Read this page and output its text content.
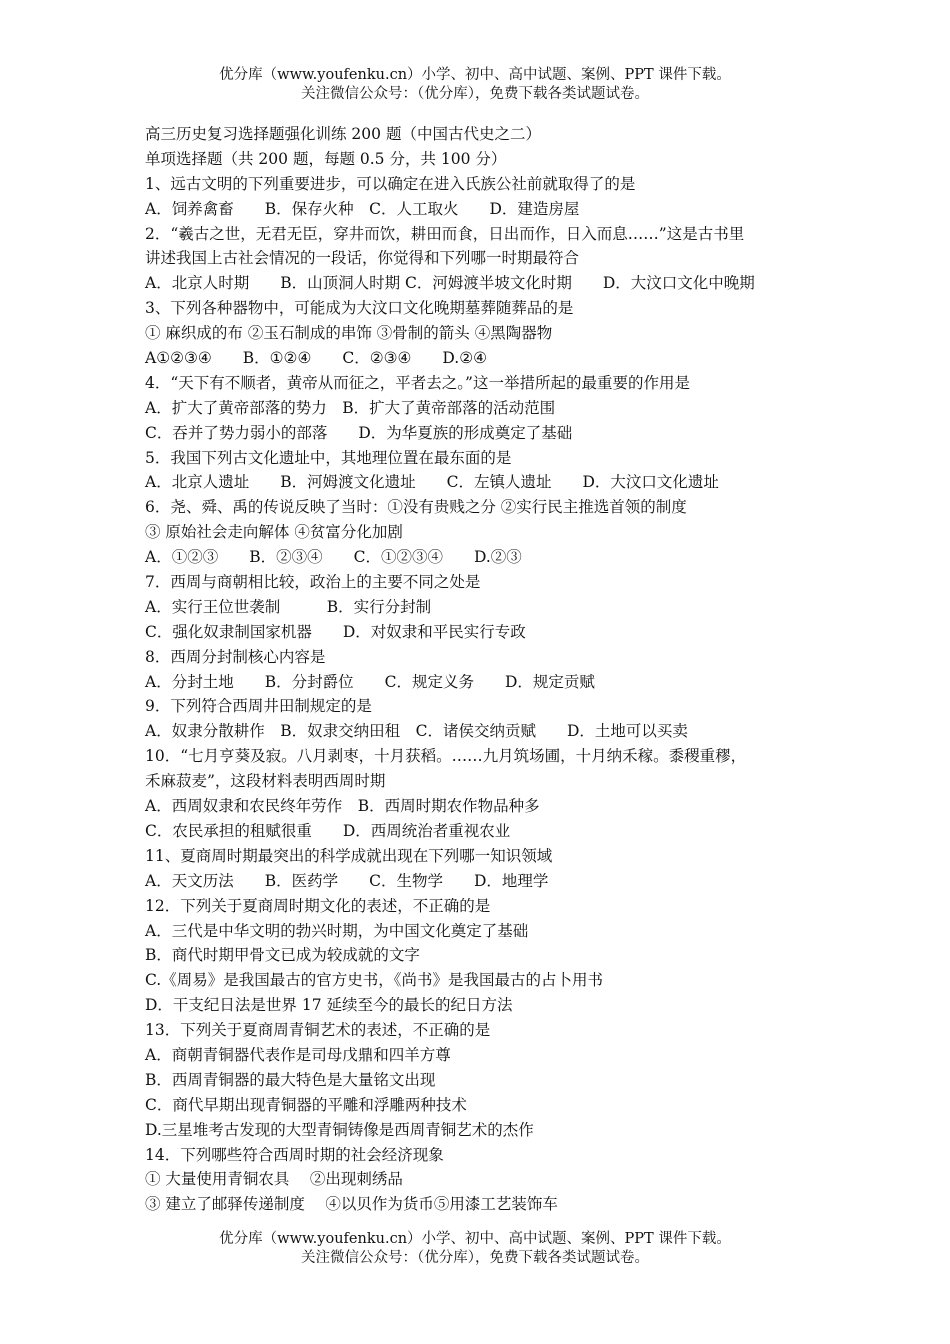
优分库（www.youfenku.cn）小学、初中、高中试题、案例、PPT 课件下载。
关注微信公众号：（优分库），免费下载各类试题试卷。
高三历史复习选择题强化训练 200 题（中国古代史之二）
单项选择题（共 200 题，每题 0.5 分，共 100 分）
1、远古文明的下列重要进步，可以确定在进入氏族公社前就取得了的是
A．饲养禽畜　　B．保存火种　C．人工取火　　D．建造房屋
2．“羲古之世，无君无臣，穿井而饮，耕田而食，日出而作，日入而息……”这是古书里
讲述我国上古社会情况的一段话，你觉得和下列哪一时期最符合
A．北京人时期　　B．山顶洞人时期 C．河姆渡半坡文化时期　　D．大汶口文化中晚期
3、下列各种器物中，可能成为大汶口文化晚期墓葬随葬品的是
① 麻织成的布 ②玉石制成的串饰 ③骨制的箭头 ④黑陶器物
A①②③④　　B．①②④　　C．②③④　　D.②④
4．“天下有不顺者，黄帝从而征之，平者去之。”这一举措所起的最重要的作用是
A．扩大了黄帝部落的势力　B．扩大了黄帝部落的活动范围
C．吞并了势力弱小的部落　　D．为华夏族的形成奠定了基础
5．我国下列古文化遗址中，其地理位置在最东面的是
A．北京人遗址　　B．河姆渡文化遗址　　C．左镇人遗址　　D．大汶口文化遗址
6．尧、舜、禹的传说反映了当时：①没有贵贱之分 ②实行民主推选首领的制度
③ 原始社会走向解体 ④贫富分化加剧
A．①②③　　B．②③④　　C．①②③④　　D.②③
7．西周与商朝相比较，政治上的主要不同之处是
A．实行王位世袭制　　　B．实行分封制
C．强化奴隶制国家机器　　D．对奴隶和平民实行专政
8．西周分封制核心内容是
A．分封土地　　B．分封爵位　　C．规定义务　　D．规定贡赋
9．下列符合西周井田制规定的是
A．奴隶分散耕作　B．奴隶交纳田租　C．诸侯交纳贡赋　　D．土地可以买卖
10．“七月亨葵及寂。八月剥枣，十月获稻。……九月筑场圃，十月纳禾稼。黍稷重穋，
禾麻菽麦”，这段材料表明西周时期
A．西周奴隶和农民终年劳作　B．西周时期农作物品种多
C．农民承担的租赋很重　　D．西周统治者重视农业
11、夏商周时期最突出的科学成就出现在下列哪一知识领域
A．天文历法　　B．医药学　　C．生物学　　D．地理学
12．下列关于夏商周时期文化的表述，不正确的是
A．三代是中华文明的勃兴时期，为中国文化奠定了基础
B．商代时期甲骨文已成为较成就的文字
C.《周易》是我国最古的官方史书，《尚书》是我国最古的占卜用书
D．干支纪日法是世界 17 延续至今的最长的纪日方法
13．下列关于夏商周青铜艺术的表述，不正确的是
A．商朝青铜器代表作是司母戊鼎和四羊方尊
B．西周青铜器的最大特色是大量铭文出现
C．商代早期出现青铜器的平雕和浮雕两种技术
D.三星堆考古发现的大型青铜铸像是西周青铜艺术的杰作
14．下列哪些符合西周时期的社会经济现象
① 大量使用青铜农具　 ②出现刺绣品
③ 建立了邮驿传递制度　 ④以贝作为货币⑤用漆工艺装饰车
优分库（www.youfenku.cn）小学、初中、高中试题、案例、PPT 课件下载。
关注微信公众号：（优分库），免费下载各类试题试卷。
